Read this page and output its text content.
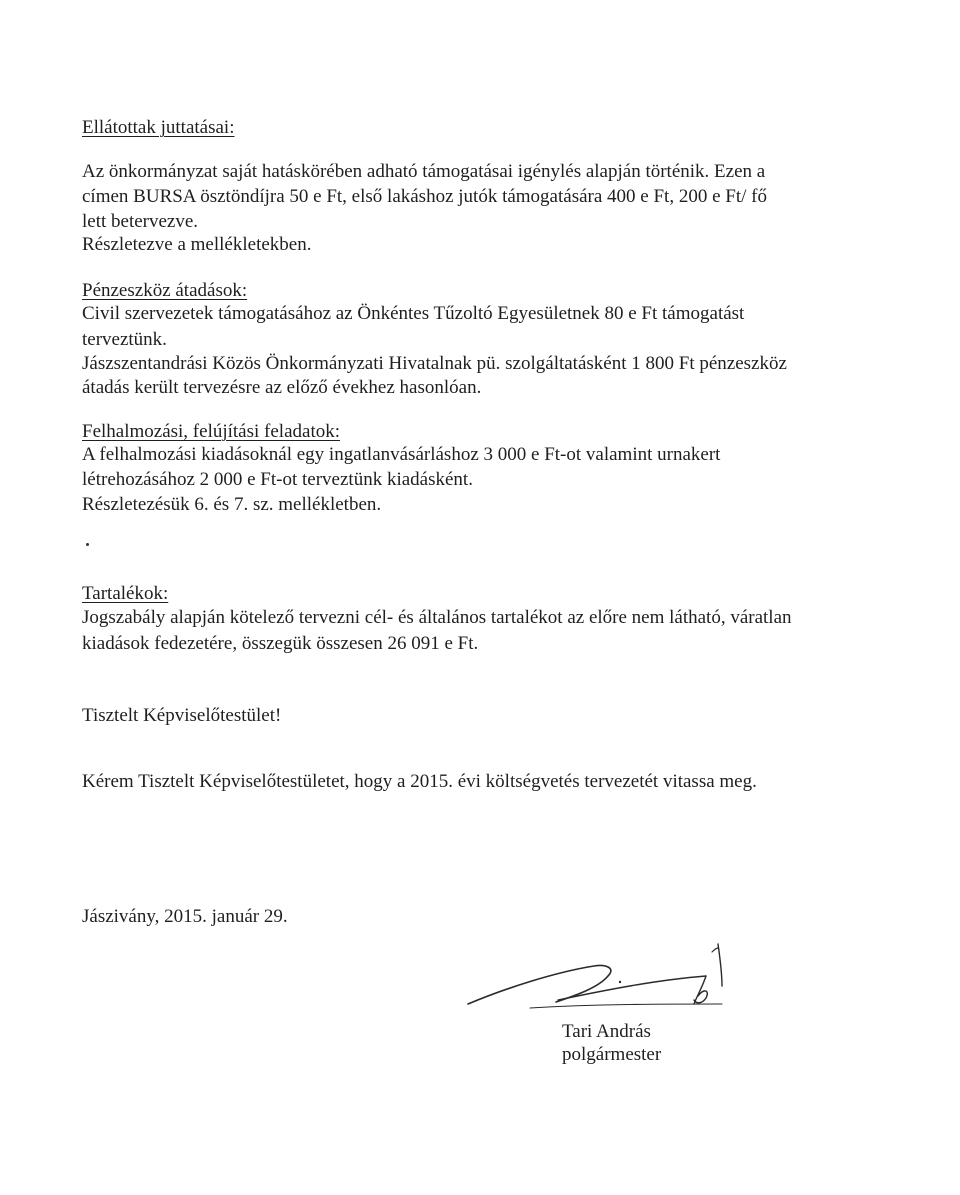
Ellátottak juttatásai:
Az önkormányzat saját hatáskörében adható támogatásai igénylés alapján történik. Ezen a
címen BURSA ösztöndíjra 50 e Ft, első lakáshoz jutók támogatására 400 e Ft, 200 e Ft/ fő
lett betervezve.
Részletezve a mellékletekben.
Pénzeszköz átadások:
Civil szervezetek támogatásához az Önkéntes Tűzoltó Egyesületnek 80 e Ft támogatást
terveztünk.
Jászszentandrási Közös Önkormányzati Hivatalnak pü. szolgáltatásként 1 800 Ft pénzeszköz
átadás került tervezésre az előző évekhez hasonlóan.
Felhalmozási, felújítási feladatok:
A felhalmozási kiadásoknál egy ingatlanvásárláshoz 3 000 e Ft-ot valamint urnakert
létrehozásához 2 000 e Ft-ot terveztünk kiadásként.
Részletezésük 6. és 7. sz. mellékletben.
Tartalékok:
Jogszabály alapján kötelező tervezni cél- és általános tartalékot az előre nem látható, váratlan
kiadások fedezetére, összegük összesen 26 091 e Ft.
Tisztelt Képviselőtestület!
Kérem Tisztelt Képviselőtestületet, hogy a 2015. évi költségvetés tervezetét vitassa meg.
Jászivány, 2015. január 29.
Tari András
polgármester
